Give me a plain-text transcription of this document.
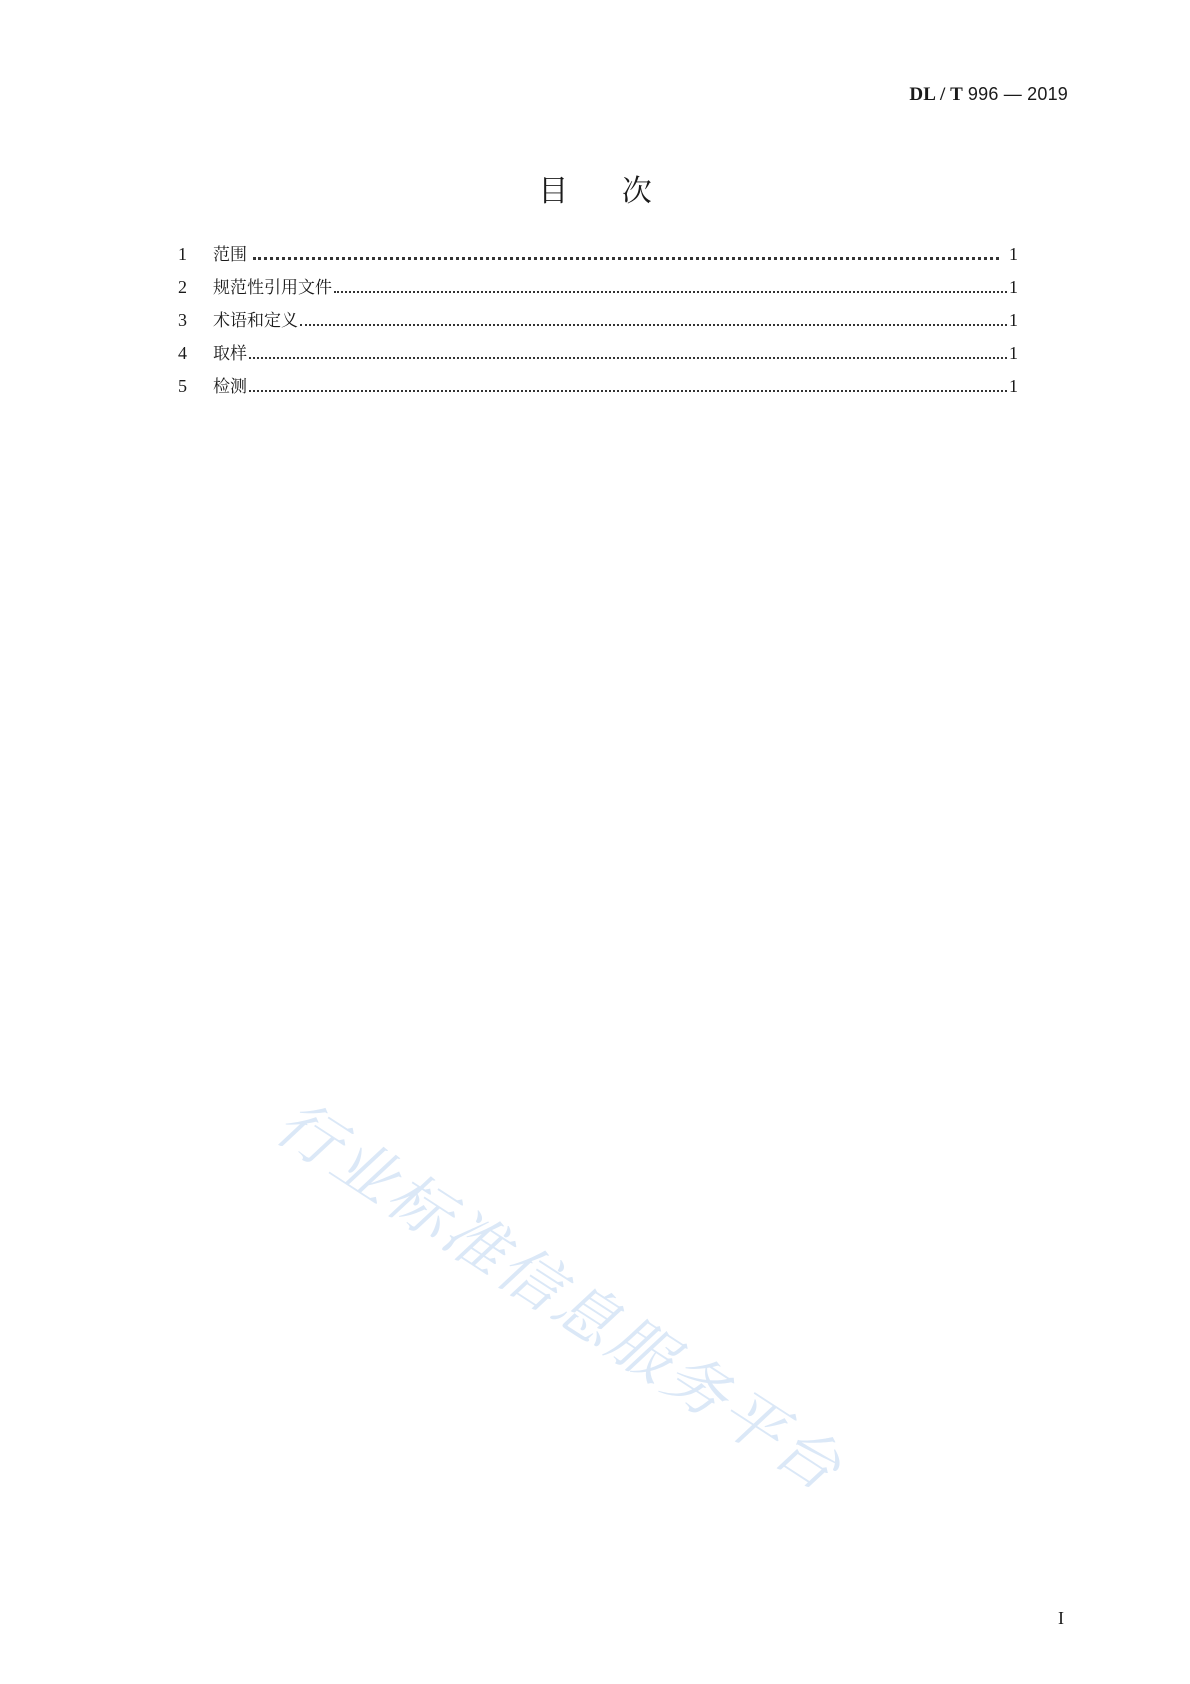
DL / T 996 — 2019
目 次
1	范围	1
2	规范性引用文件	1
3	术语和定义	1
4	取样	1
5	检测	1
行业标准信息服务平台
I
